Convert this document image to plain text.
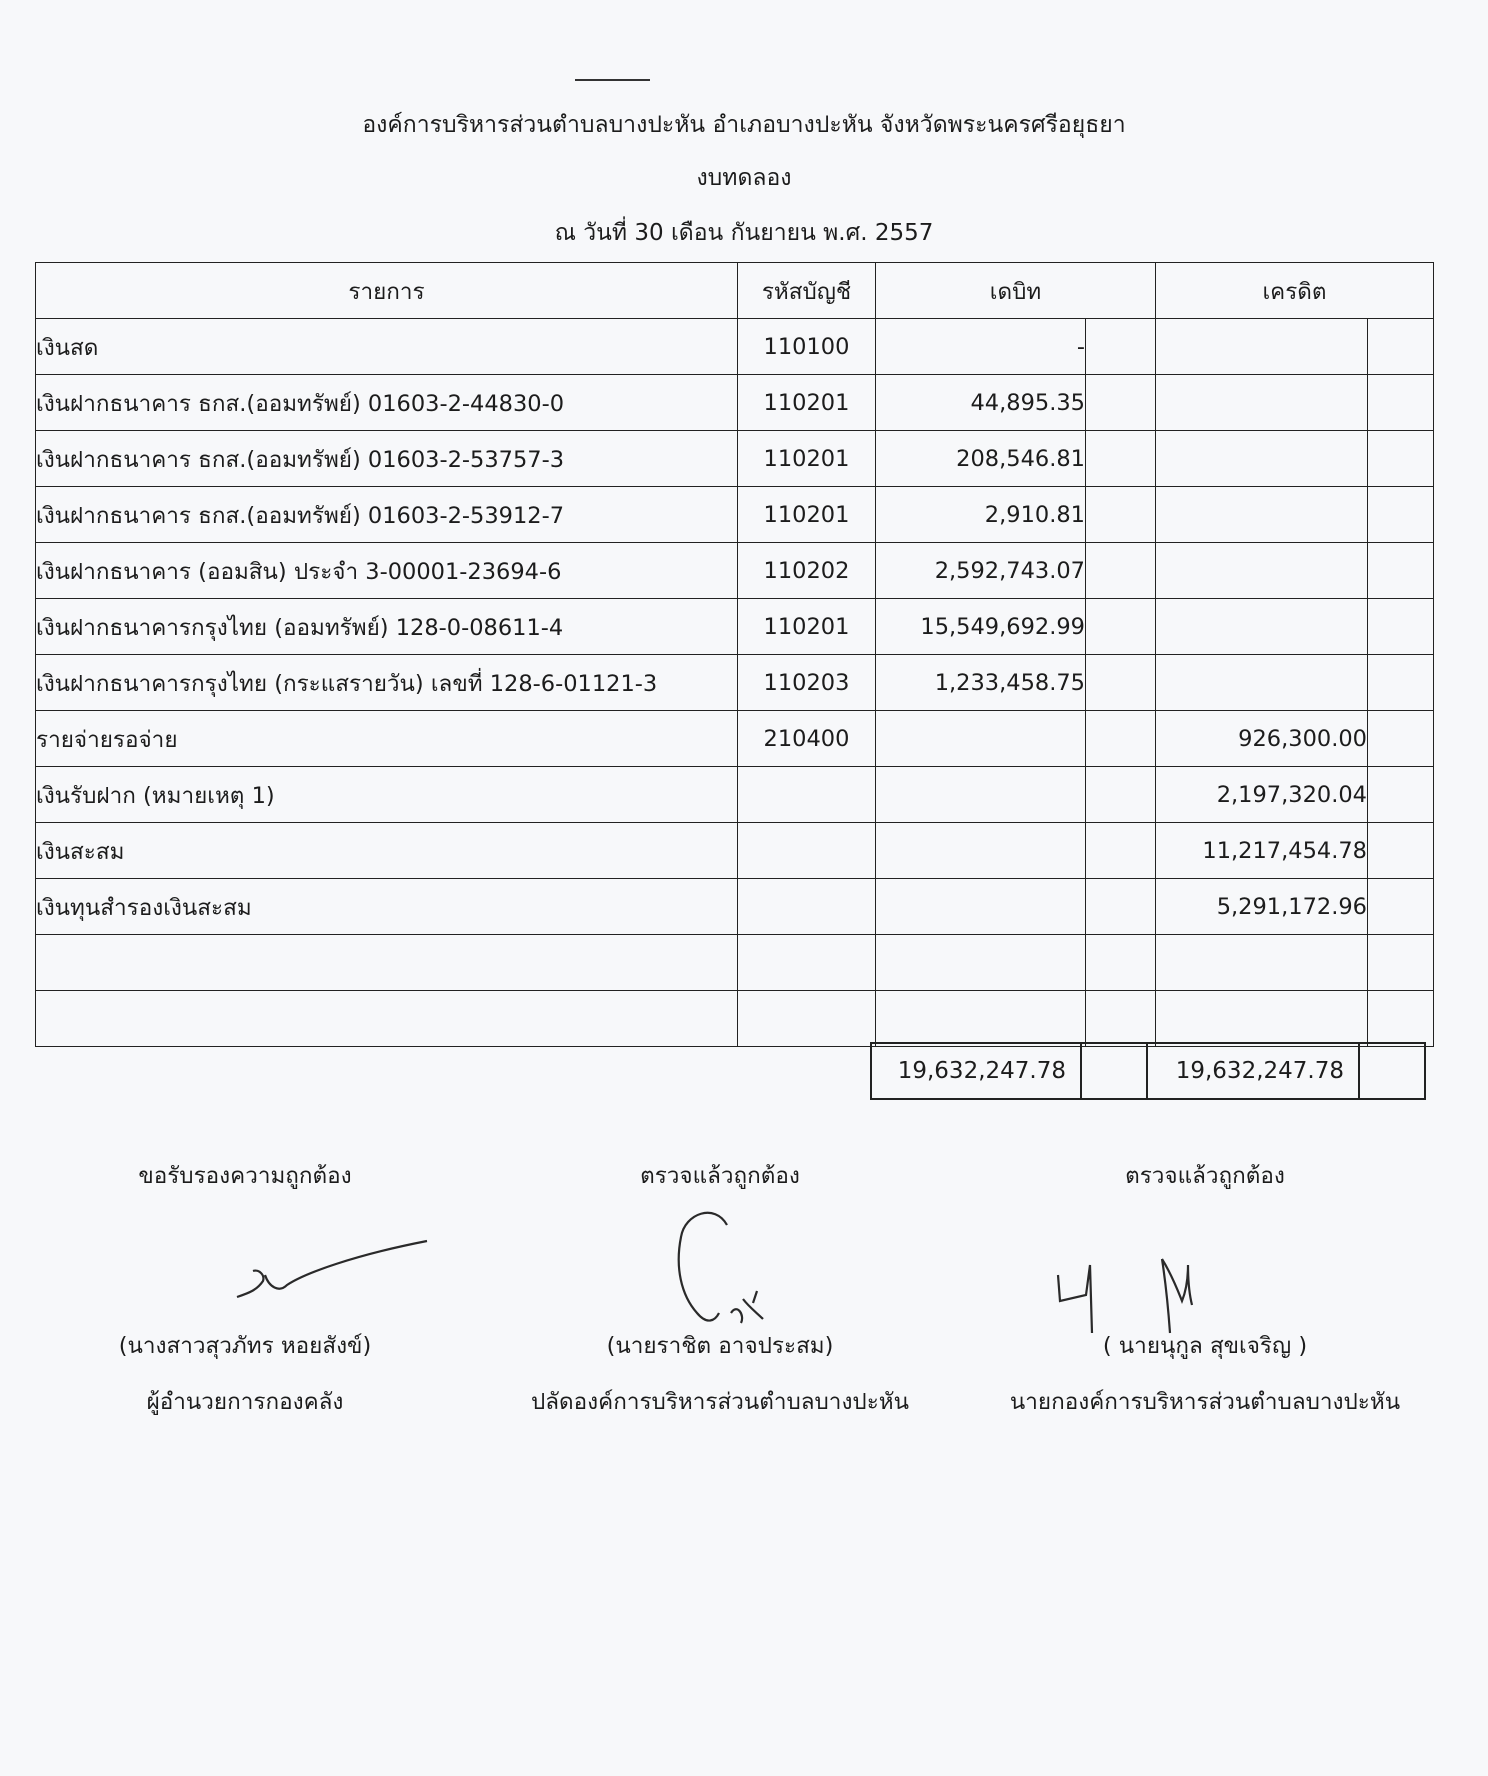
องค์การบริหารส่วนตำบลบางปะหัน อำเภอบางปะหัน จังหวัดพระนครศรีอยุธยา
งบทดลอง
ณ วันที่ 30 เดือน กันยายน พ.ศ. 2557
รายการ	รหัสบัญชี	เดบิท		เครดิต	
เงินสด	110100	-			
เงินฝากธนาคาร ธกส.(ออมทรัพย์) 01603-2-44830-0	110201	44,895.35			
เงินฝากธนาคาร ธกส.(ออมทรัพย์) 01603-2-53757-3	110201	208,546.81			
เงินฝากธนาคาร ธกส.(ออมทรัพย์) 01603-2-53912-7	110201	2,910.81			
เงินฝากธนาคาร (ออมสิน) ประจำ 3-00001-23694-6	110202	2,592,743.07			
เงินฝากธนาคารกรุงไทย (ออมทรัพย์) 128-0-08611-4	110201	15,549,692.99			
เงินฝากธนาคารกรุงไทย (กระแสรายวัน) เลขที่ 128-6-01121-3	110203	1,233,458.75			
รายจ่ายรอจ่าย	210400			926,300.00	
เงินรับฝาก (หมายเหตุ 1)				2,197,320.04	
เงินสะสม				11,217,454.78	
เงินทุนสำรองเงินสะสม				5,291,172.96	

19,632,247.78		19,632,247.78	
ขอรับรองความถูกต้อง
(นางสาวสุวภัทร หอยสังข์)
ผู้อำนวยการกองคลัง
ตรวจแล้วถูกต้อง
(นายราชิต อาจประสม)
ปลัดองค์การบริหารส่วนตำบลบางปะหัน
ตรวจแล้วถูกต้อง
( นายนุกูล สุขเจริญ )
นายกองค์การบริหารส่วนตำบลบางปะหัน
